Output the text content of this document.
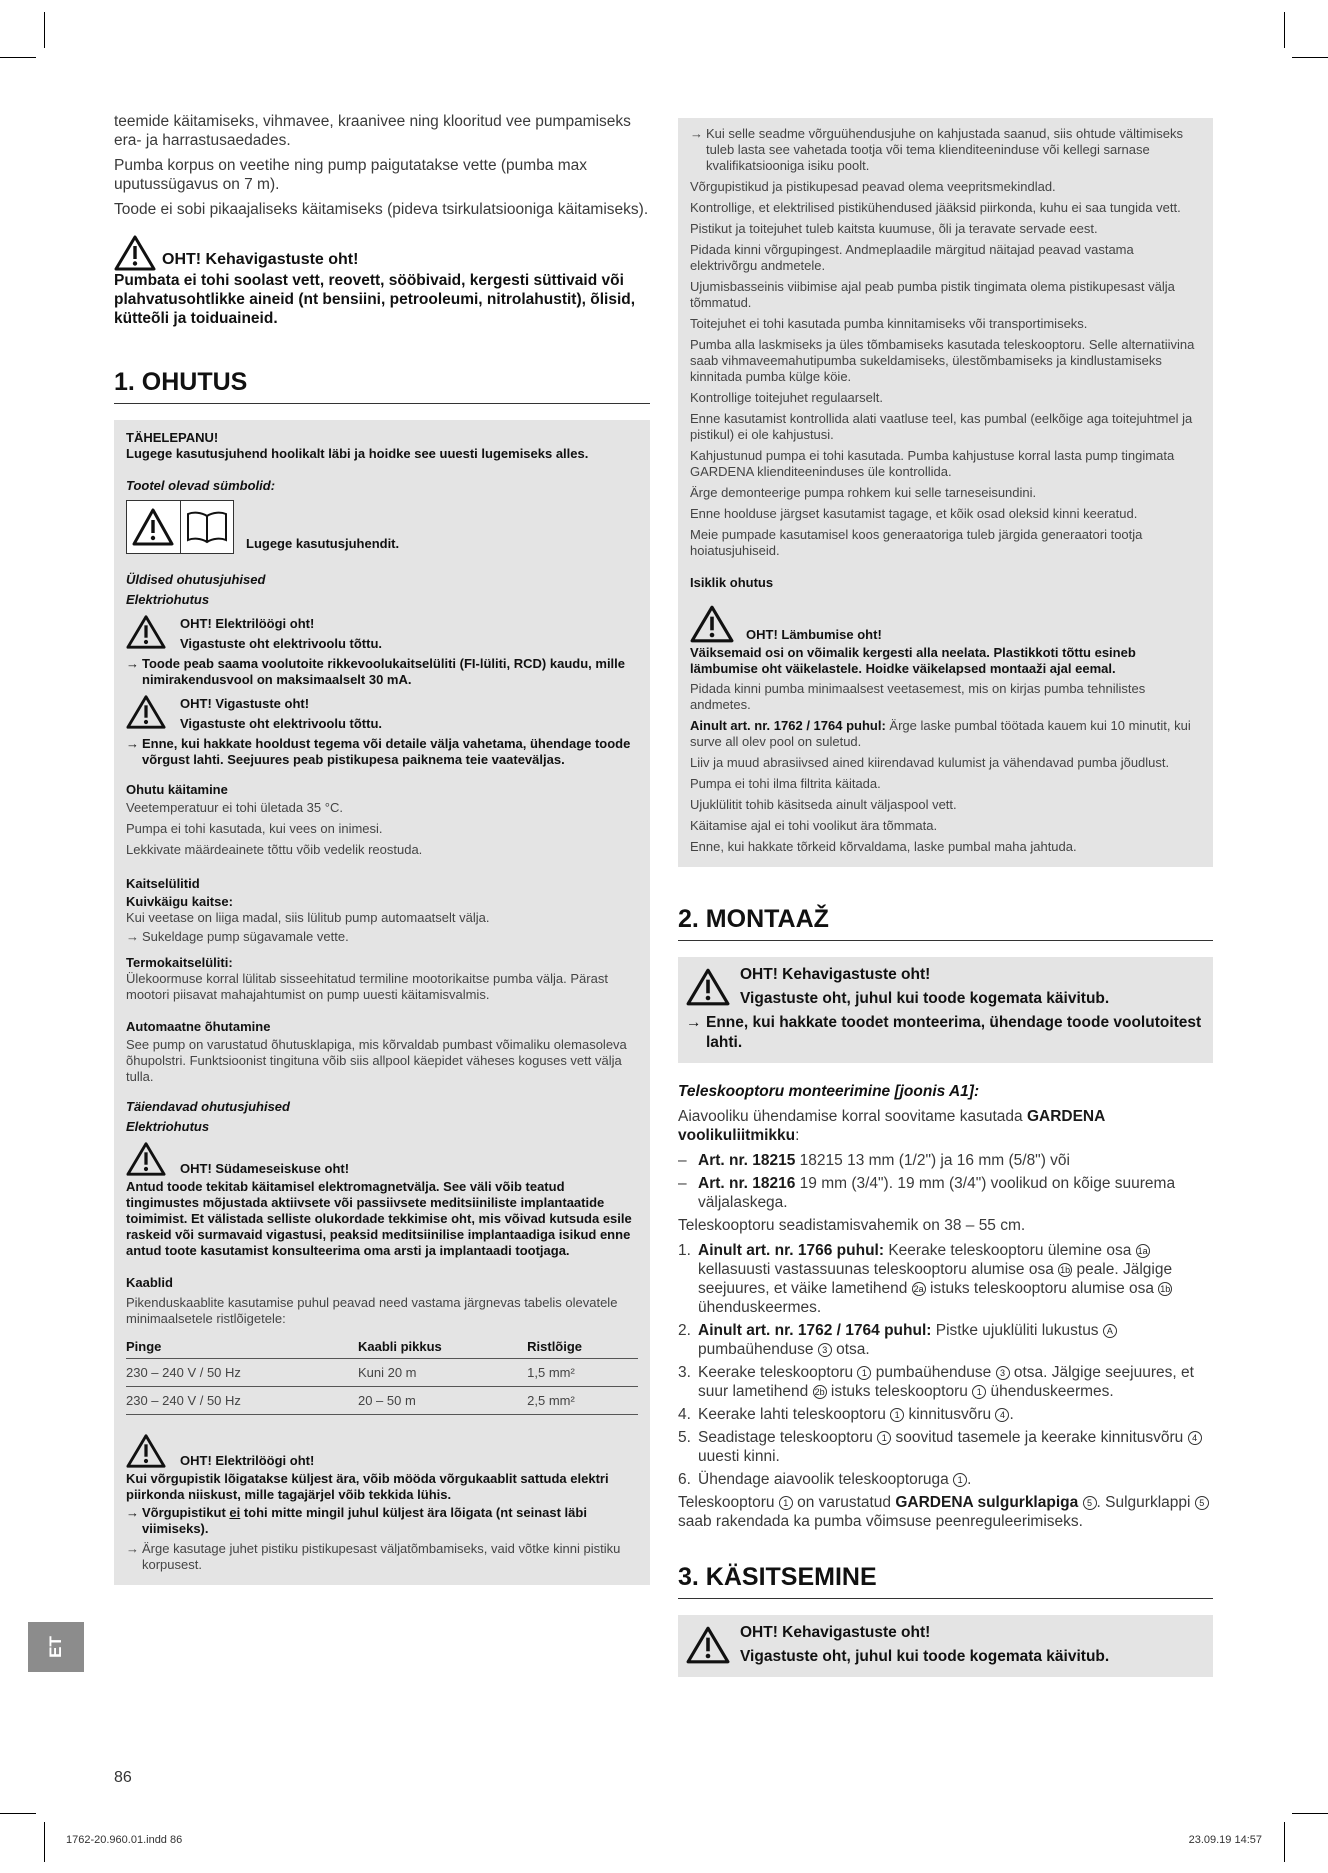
teemide käitamiseks, vihmavee, kraanivee ning klooritud vee pumpamiseks era- ja harrastusaedades.

Pumba korpus on veetihe ning pump paigutatakse vette (pumba max uputussügavus on 7 m).

Toode ei sobi pikaajaliseks käitamiseks (pideva tsirkulatsiooniga käitamiseks).

OHT! Kehavigastuste oht!

Pumbata ei tohi soolast vett, reovett, sööbivaid, kergesti süttivaid või plahvatusohtlikke aineid (nt bensiini, petrooleumi, nitrolahustit), õlisid, kütteõli ja toiduaineid.

1. OHUTUS
TÄHELEPANU!
Lugege kasutusjuhend hoolikalt läbi ja hoidke see uuesti lugemiseks alles.
Tootel olevad sümbolid:
Lugege kasutusjuhendit.
Üldised ohutusjuhised
Elektriohutus
OHT! Elektrilöögi oht!
Vigastuste oht elektrivoolu tõttu.
→ Toode peab saama voolutoite rikkevoolukaitselüliti (FI-lüliti, RCD) kaudu, mille nimirakendusvool on maksimaalselt 30 mA.
OHT! Vigastuste oht!
Vigastuste oht elektrivoolu tõttu.
→ Enne, kui hakkate hooldust tegema või detaile välja vahetama, ühendage toode võrgust lahti. Seejuures peab pistikupesa paiknema teie vaateväljas.
Ohutu käitamine
Veetemperatuur ei tohi ületada 35 °C.
Pumpa ei tohi kasutada, kui vees on inimesi.
Lekkivate määrdeainete tõttu võib vedelik reostuda.
Kaitselülitid
Kuivkäigu kaitse:
Kui veetase on liiga madal, siis lülitub pump automaatselt välja.
→ Sukeldage pump sügavamale vette.
Termokaitselüliti:
Ülekoormuse korral lülitab sisseehitatud termiline mootorikaitse pumba välja. Pärast mootori piisavat mahajahtumist on pump uuesti käitamisvalmis.
Automaatne õhutamine
See pump on varustatud õhutusklapiga, mis kõrvaldab pumbast võimaliku olemasoleva õhupolstri. Funktsioonist tingituna võib siis allpool käepidet väheses koguses vett välja tulla.
Täiendavad ohutusjuhised
Elektriohutus
OHT! Südameseiskuse oht!
Antud toode tekitab käitamisel elektromagnetvälja. See väli võib teatud tingimustes mõjustada aktiivsete või passiivsete meditsiiniliste implantaatide toimimist. Et välistada selliste olukordade tekkimise oht, mis võivad kutsuda esile raskeid või surmavaid vigastusi, peaksid meditsiinilise implantaadiga isikud enne antud toote kasutamist konsulteerima oma arsti ja implantaadi tootjaga.
Kaablid
Pikenduskaablite kasutamise puhul peavad need vastama järgnevas tabelis olevatele minimaalsetele ristlõigetele:
Pinge	Kaabli pikkus	Ristlõige
230 – 240 V / 50 Hz	Kuni 20 m	1,5 mm²
230 – 240 V / 50 Hz	20 – 50 m	2,5 mm²
OHT! Elektrilöögi oht!
Kui võrgupistik lõigatakse küljest ära, võib mööda võrgukaablit sattuda elektri piirkonda niiskust, mille tagajärjel võib tekkida lühis.
→ Võrgupistikut ei tohi mitte mingil juhul küljest ära lõigata (nt seinast läbi viimiseks).
→ Ärge kasutage juhet pistiku pistikupesast väljatõmbamiseks, vaid võtke kinni pistiku korpusest.
→ Kui selle seadme võrguühendusjuhe on kahjustada saanud, siis ohtude vältimiseks tuleb lasta see vahetada tootja või tema klienditeeninduse või kellegi sarnase kvalifikatsiooniga isiku poolt.
Võrgupistikud ja pistikupesad peavad olema veepritsmekindlad.
Kontrollige, et elektrilised pistikühendused jääksid piirkonda, kuhu ei saa tungida vett.
Pistikut ja toitejuhet tuleb kaitsta kuumuse, õli ja teravate servade eest.
Pidada kinni võrgupingest. Andmeplaadile märgitud näitajad peavad vastama elektrivõrgu andmetele.
Ujumisbasseinis viibimise ajal peab pumba pistik tingimata olema pistikupesast välja tõmmatud.
Toitejuhet ei tohi kasutada pumba kinnitamiseks või transportimiseks.
Pumba alla laskmiseks ja üles tõmbamiseks kasutada teleskooptoru. Selle alternatiivina saab vihmaveemahutipumba sukeldamiseks, ülestõmbamiseks ja kindlustamiseks kinnitada pumba külge köie.
Kontrollige toitejuhet regulaarselt.
Enne kasutamist kontrollida alati vaatluse teel, kas pumbal (eelkõige aga toitejuhtmel ja pistikul) ei ole kahjustusi.
Kahjustunud pumpa ei tohi kasutada. Pumba kahjustuse korral lasta pump tingimata GARDENA klienditeeninduses üle kontrollida.
Ärge demonteerige pumpa rohkem kui selle tarneseisundini.
Enne hoolduse järgset kasutamist tagage, et kõik osad oleksid kinni keeratud.
Meie pumpade kasutamisel koos generaatoriga tuleb järgida generaatori tootja hoiatusjuhiseid.
Isiklik ohutus
OHT! Lämbumise oht!
Väiksemaid osi on võimalik kergesti alla neelata. Plastikkoti tõttu esineb lämbumise oht väikelastele. Hoidke väikelapsed montaaži ajal eemal.
Pidada kinni pumba minimaalsest veetasemest, mis on kirjas pumba tehnilistes andmetes.
Ainult art. nr. 1762 / 1764 puhul: Ärge laske pumbal töötada kauem kui 10 minutit, kui surve all olev pool on suletud.
Liiv ja muud abrasiivsed ained kiirendavad kulumist ja vähendavad pumba jõudlust.
Pumpa ei tohi ilma filtrita käitada.
Ujuklülitit tohib käsitseda ainult väljaspool vett.
Käitamise ajal ei tohi voolikut ära tõmmata.
Enne, kui hakkate tõrkeid kõrvaldama, laske pumbal maha jahtuda.
2. MONTAAŽ
OHT! Kehavigastuste oht!
Vigastuste oht, juhul kui toode kogemata käivitub.
→ Enne, kui hakkate toodet monteerima, ühendage toode voolutoitest lahti.
Teleskooptoru monteerimine [joonis A1]:

Aiavooliku ühendamise korral soovitame kasutada GARDENA voolikuliitmikku:

– Art. nr. 18215 18215 13 mm (1/2") ja 16 mm (5/8") või
– Art. nr. 18216 19 mm (3/4"). 19 mm (3/4") voolikud on kõige suurema väljalaskega.

Teleskooptoru seadistamisvahemik on 38 – 55 cm.

1. Ainult art. nr. 1766 puhul: Keerake teleskooptoru ülemine osa 1a kellasuusti vastassuunas teleskooptoru alumise osa 1b peale. Jälgige seejuures, et väike lametihend 2a istuks teleskooptoru alumise osa 1b ühenduskeermes.
2. Ainult art. nr. 1762 / 1764 puhul: Pistke ujuklüliti lukustus A pumbaühenduse 3 otsa.
3. Keerake teleskooptoru 1 pumbaühenduse 3 otsa. Jälgige seejuures, et suur lametihend 2b istuks teleskooptoru 1 ühenduskeermes.
4. Keerake lahti teleskooptoru 1 kinnitusvõru 4 .
5. Seadistage teleskooptoru 1 soovitud tasemele ja keerake kinnitusvõru 4 uuesti kinni.
6. Ühendage aiavoolik teleskooptoruga 1 .

Teleskooptoru 1 on varustatud GARDENA sulgurklapiga 5 . Sulgurklappi 5 saab rakendada ka pumba võimsuse peenreguleerimiseks.

3. KÄSITSEMINE
OHT! Kehavigastuste oht!
Vigastuste oht, juhul kui toode kogemata käivitub.
ET
86
1762-20.960.01.indd 86	23.09.19 14:57
